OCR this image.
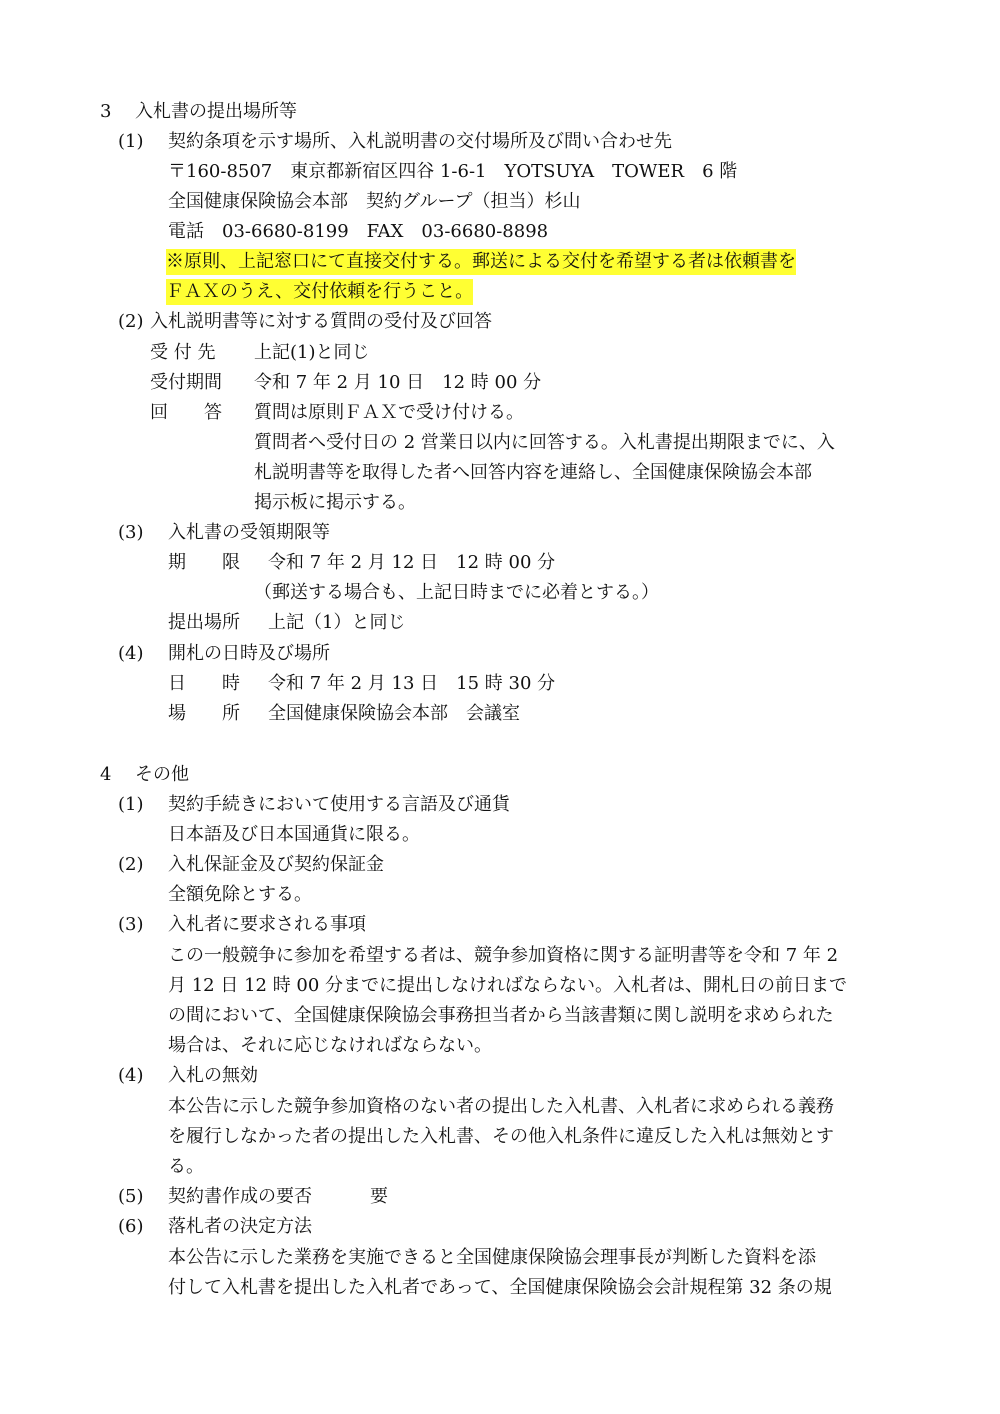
3 入札書の提出場所等
(1) 契約条項を示す場所、入札説明書の交付場所及び問い合わせ先
〒160-8507　東京都新宿区四谷 1-6-1　YOTSUYA　TOWER　6 階
全国健康保険協会本部　契約グループ（担当）杉山
電話　03-6680-8199　FAX　03-6680-8898
※原則、上記窓口にて直接交付する。郵送による交付を希望する者は依頼書を
ＦＡＸのうえ、交付依頼を行うこと。
(2) 入札説明書等に対する質問の受付及び回答
受 付 先 上記(1)と同じ
受付期間 令和 7 年 2 月 10 日　12 時 00 分
回　　答 質問は原則ＦＡＸで受け付ける。
質問者へ受付日の 2 営業日以内に回答する。入札書提出期限までに、入
札説明書等を取得した者へ回答内容を連絡し、全国健康保険協会本部
掲示板に掲示する。
(3) 入札書の受領期限等
期　　限 令和 7 年 2 月 12 日　12 時 00 分
（郵送する場合も、上記日時までに必着とする。）
提出場所 上記（1）と同じ
(4) 開札の日時及び場所
日　　時 令和 7 年 2 月 13 日　15 時 30 分
場　　所 全国健康保険協会本部　会議室
4 その他
(1) 契約手続きにおいて使用する言語及び通貨
日本語及び日本国通貨に限る。
(2) 入札保証金及び契約保証金
全額免除とする。
(3) 入札者に要求される事項
この一般競争に参加を希望する者は、競争参加資格に関する証明書等を令和 7 年 2
月 12 日 12 時 00 分までに提出しなければならない。入札者は、開札日の前日まで
の間において、全国健康保険協会事務担当者から当該書類に関し説明を求められた
場合は、それに応じなければならない。
(4) 入札の無効
本公告に示した競争参加資格のない者の提出した入札書、入札者に求められる義務
を履行しなかった者の提出した入札書、その他入札条件に違反した入札は無効とす
る。
(5) 契約書作成の要否	要
(6) 落札者の決定方法
本公告に示した業務を実施できると全国健康保険協会理事長が判断した資料を添
付して入札書を提出した入札者であって、全国健康保険協会会計規程第 32 条の規
